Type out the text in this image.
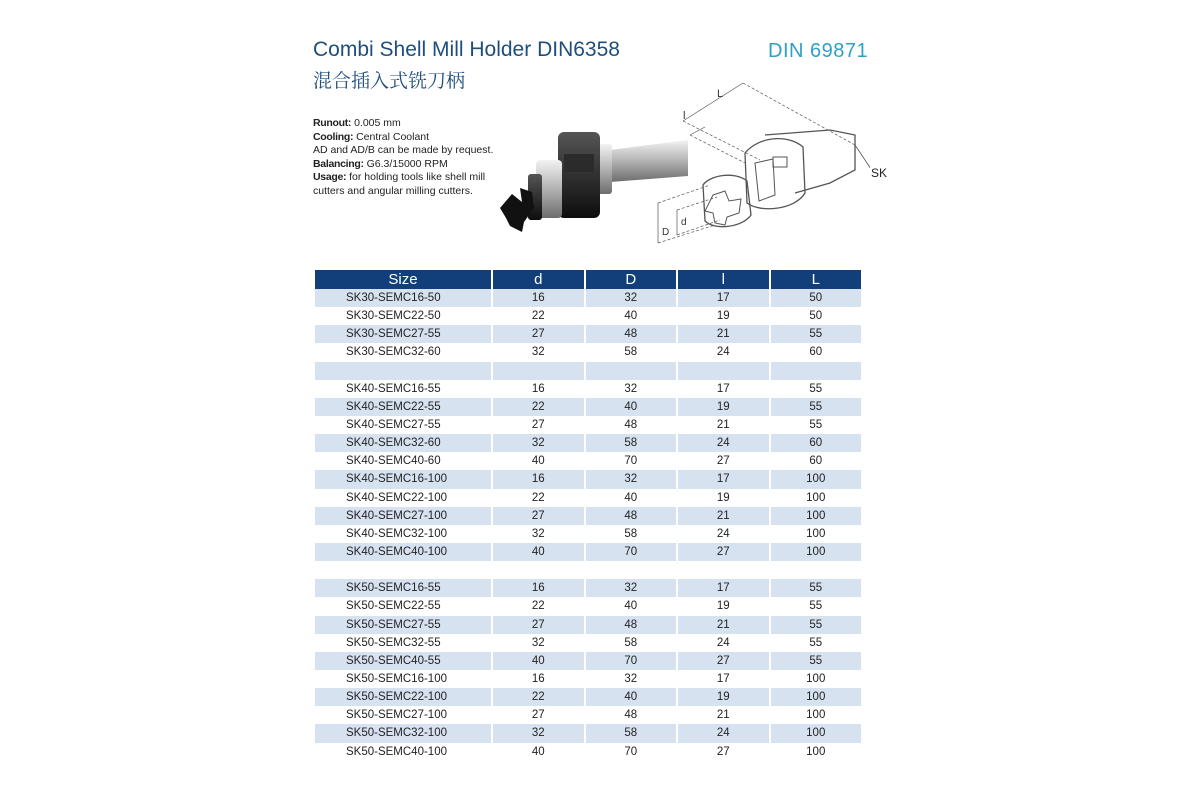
Combi Shell Mill Holder DIN6358
混合插入式铣刀柄
DIN 69871
Runout: 0.005 mm
Cooling: Central Coolant
AD and AD/B can be made by request.
Balancing: G6.3/15000 RPM
Usage: for holding tools like shell mill cutters and angular milling cutters.
L
l
d
D
SK
Size	d	D	l	L
SK30-SEMC16-50	16	32	17	50
SK30-SEMC22-50	22	40	19	50
SK30-SEMC27-55	27	48	21	55
SK30-SEMC32-60	32	58	24	60

SK40-SEMC16-55	16	32	17	55
SK40-SEMC22-55	22	40	19	55
SK40-SEMC27-55	27	48	21	55
SK40-SEMC32-60	32	58	24	60
SK40-SEMC40-60	40	70	27	60
SK40-SEMC16-100	16	32	17	100
SK40-SEMC22-100	22	40	19	100
SK40-SEMC27-100	27	48	21	100
SK40-SEMC32-100	32	58	24	100
SK40-SEMC40-100	40	70	27	100

SK50-SEMC16-55	16	32	17	55
SK50-SEMC22-55	22	40	19	55
SK50-SEMC27-55	27	48	21	55
SK50-SEMC32-55	32	58	24	55
SK50-SEMC40-55	40	70	27	55
SK50-SEMC16-100	16	32	17	100
SK50-SEMC22-100	22	40	19	100
SK50-SEMC27-100	27	48	21	100
SK50-SEMC32-100	32	58	24	100
SK50-SEMC40-100	40	70	27	100
